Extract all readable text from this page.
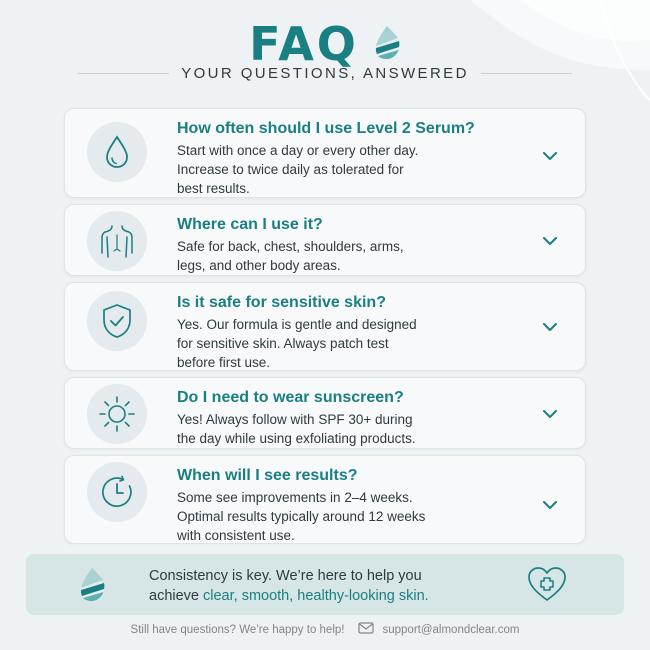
FAQ
YOUR QUESTIONS, ANSWERED
How often should I use Level 2 Serum?
Start with once a day or every other day.
Increase to twice daily as tolerated for
best results.
Where can I use it?
Safe for back, chest, shoulders, arms,
legs, and other body areas.
Is it safe for sensitive skin?
Yes. Our formula is gentle and designed
for sensitive skin. Always patch test
before first use.
Do I need to wear sunscreen?
Yes! Always follow with SPF 30+ during
the day while using exfoliating products.
When will I see results?
Some see improvements in 2–4 weeks.
Optimal results typically around 12 weeks
with consistent use.
Consistency is key. We’re here to help you
achieve clear, smooth, healthy-looking skin.
Still have questions? We’re happy to help!	support@almondclear.com
